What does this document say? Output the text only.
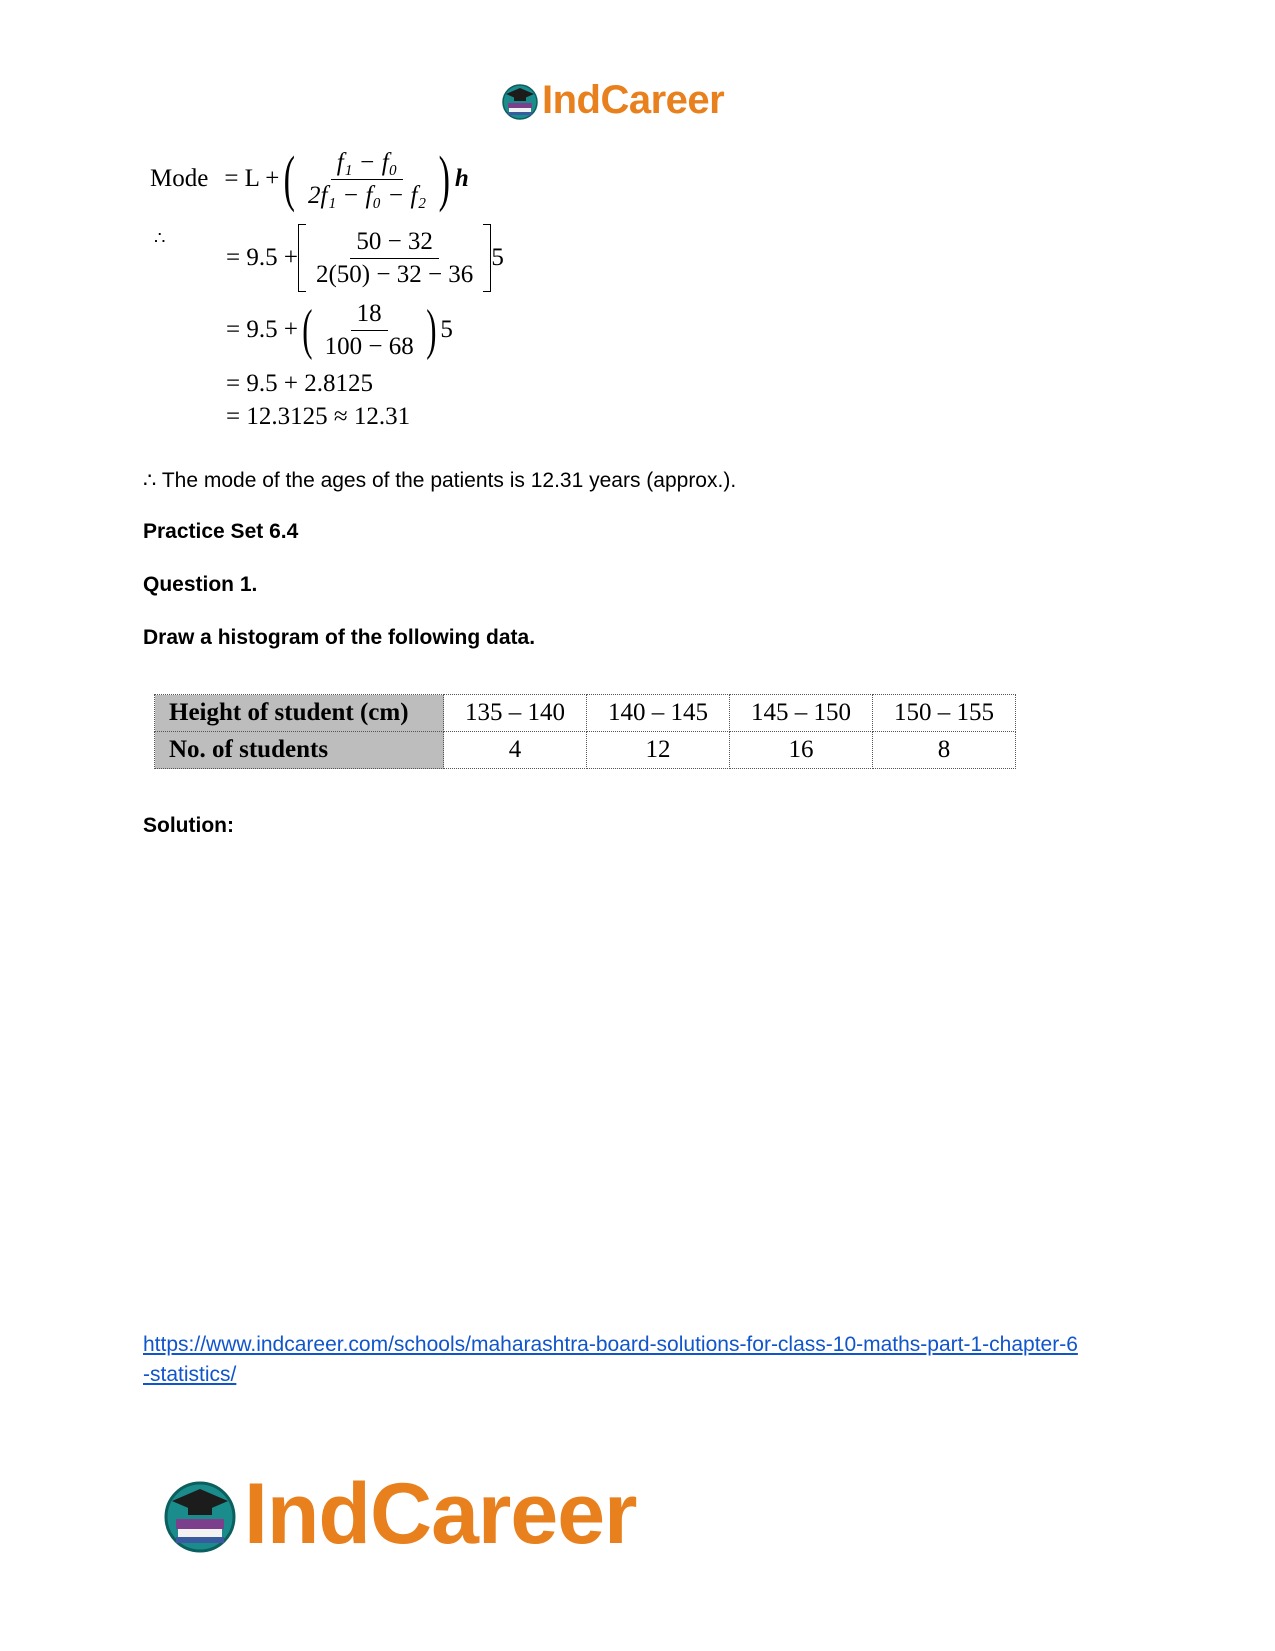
IndCareer
Mode = L + ( $\frac{\text{f₁ − f₀}}{\text{2f₁ − f₀ − f₂}}$ ) h
∴
= $9.5 + \frac{50 - 32}{2(50) - 32 - 36} 5$
= 9.5 + ( $\frac{18}{100 - 68}$ ) 5
= 9.5 + 2.8125
= 12.3125 ≈ 12.31
∴ The mode of the ages of the patients is 12.31 years (approx.).
Practice Set 6.4
Question 1.
Draw a histogram of the following data.
Height of student (cm)	135 – 140	140 – 145	145 – 150	150 – 155
No. of students	4	12	16	8
Solution:
https://www.indcareer.com/schools/maharashtra-board-solutions-for-class-10-maths-part-1-chapter-6-statistics/
IndCareer
